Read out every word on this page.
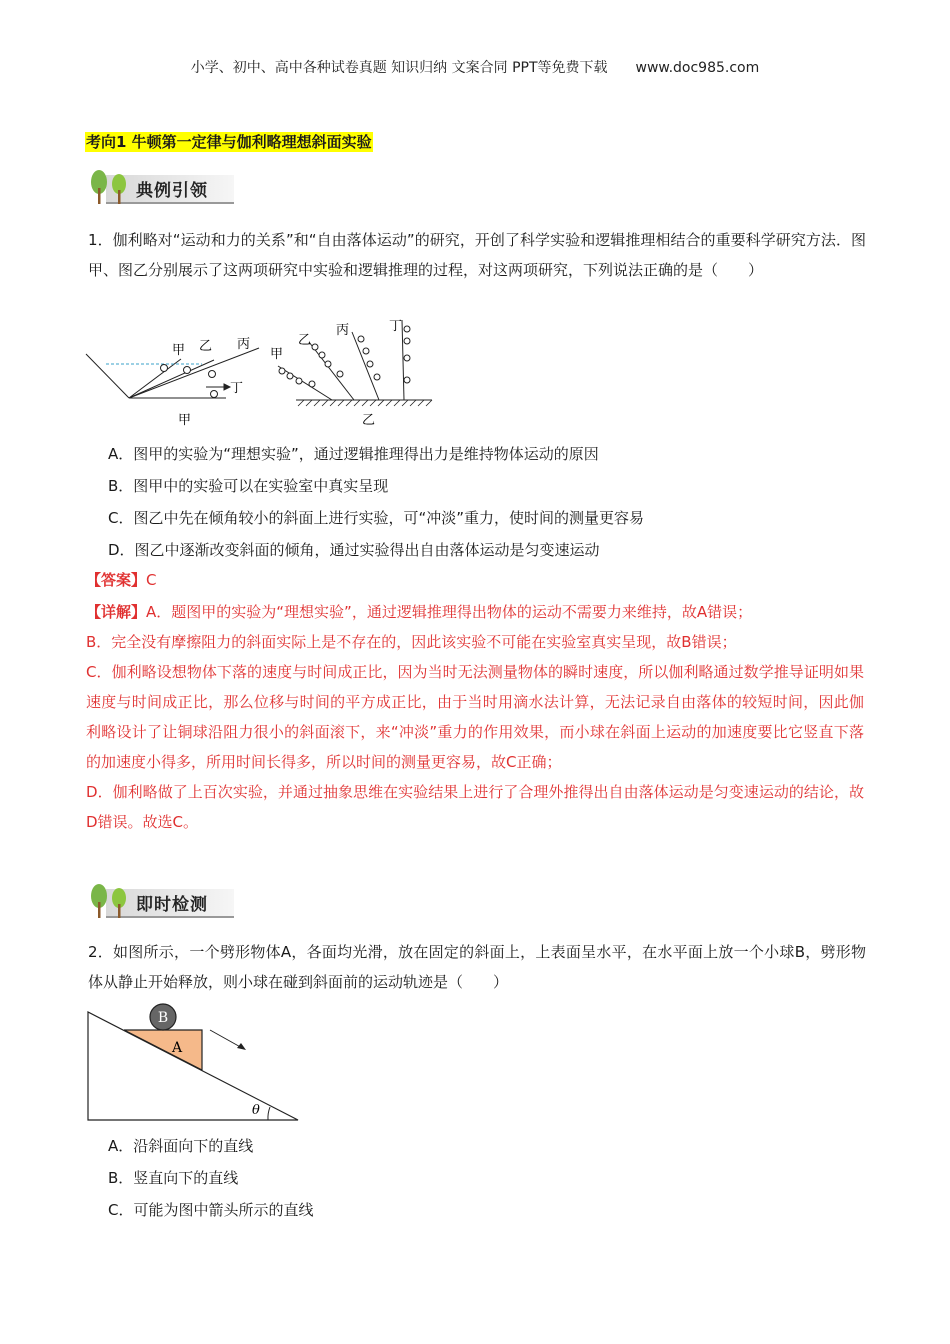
小学、初中、高中各种试卷真题 知识归纳 文案合同 PPT等免费下载 www.doc985.com
考向1 牛顿第一定律与伽利略理想斜面实验
典例引领
1．伽利略对“运动和力的关系”和“自由落体运动”的研究，开创了科学实验和逻辑推理相结合的重要科学研究方法．图甲、图乙分别展示了这两项研究中实验和逻辑推理的过程，对这两项研究，下列说法正确的是（　　）
甲 乙 丙
丁
甲
甲
乙
丙	丁
乙
A．图甲的实验为“理想实验”，通过逻辑推理得出力是维持物体运动的原因
B．图甲中的实验可以在实验室中真实呈现
C．图乙中先在倾角较小的斜面上进行实验，可“冲淡”重力，使时间的测量更容易
D．图乙中逐渐改变斜面的倾角，通过实验得出自由落体运动是匀变速运动
【答案】C
【详解】A．题图甲的实验为“理想实验”，通过逻辑推理得出物体的运动不需要力来维持，故A错误；
B．完全没有摩擦阻力的斜面实际上是不存在的，因此该实验不可能在实验室真实呈现，故B错误；
C．伽利略设想物体下落的速度与时间成正比，因为当时无法测量物体的瞬时速度，所以伽利略通过数学推导证明如果速度与时间成正比，那么位移与时间的平方成正比，由于当时用滴水法计算，无法记录自由落体的较短时间，因此伽利略设计了让铜球沿阻力很小的斜面滚下，来“冲淡”重力的作用效果，而小球在斜面上运动的加速度要比它竖直下落的加速度小得多，所用时间长得多，所以时间的测量更容易，故C正确；
D．伽利略做了上百次实验，并通过抽象思维在实验结果上进行了合理外推得出自由落体运动是匀变速运动的结论，故D错误。故选C。
即时检测
2．如图所示，一个劈形物体A，各面均光滑，放在固定的斜面上，上表面呈水平，在水平面上放一个小球B，劈形物体从静止开始释放，则小球在碰到斜面前的运动轨迹是（　　）
B
A
θ
A．沿斜面向下的直线
B．竖直向下的直线
C．可能为图中箭头所示的直线
